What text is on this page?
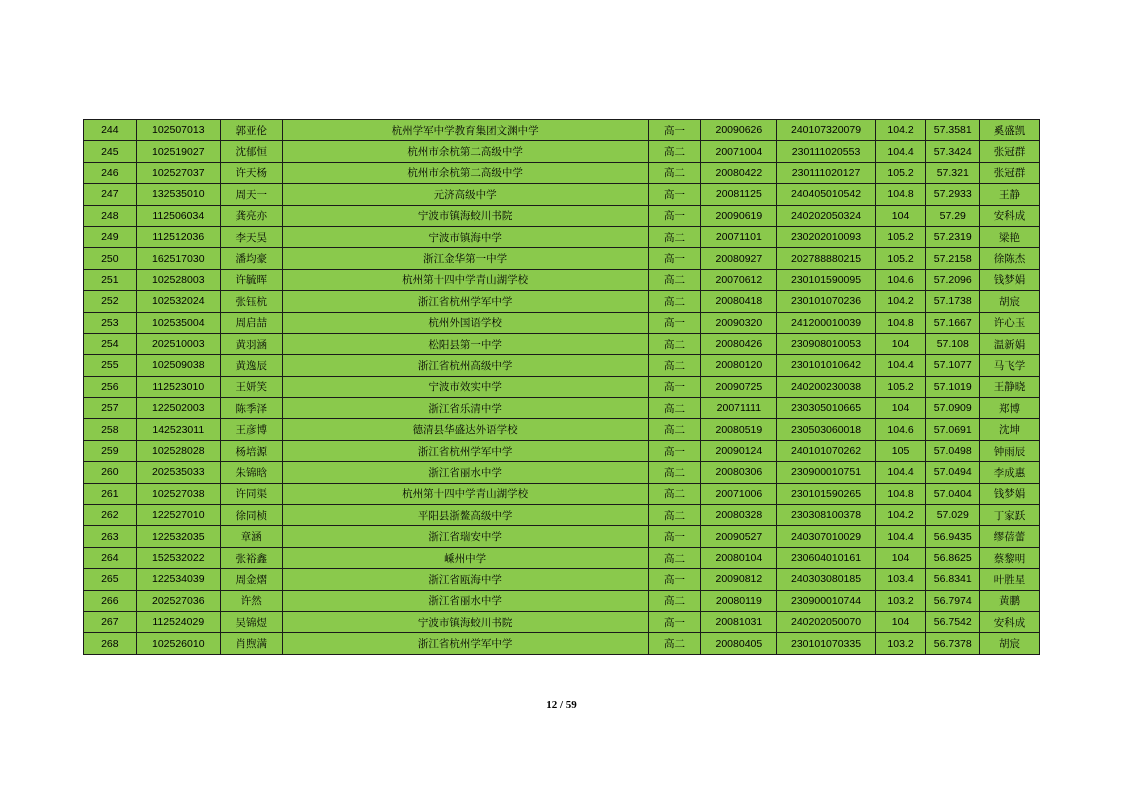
244	102507013	郭亚伦	杭州学军中学教育集团文渊中学	高一	20090626	240107320079	104.2	57.3581	奚盛凯
245	102519027	沈郁恒	杭州市余杭第二高级中学	高二	20071004	230111020553	104.4	57.3424	张冠群
246	102527037	许天杨	杭州市余杭第二高级中学	高二	20080422	230111020127	105.2	57.321	张冠群
247	132535010	周天一	元济高级中学	高一	20081125	240405010542	104.8	57.2933	王静
248	112506034	龚亮亦	宁波市镇海蛟川书院	高一	20090619	240202050324	104	57.29	安科成
249	112512036	李天昊	宁波市镇海中学	高二	20071101	230202010093	105.2	57.2319	梁艳
250	162517030	潘均豪	浙江金华第一中学	高一	20080927	202788880215	105.2	57.2158	徐陈杰
251	102528003	许毓晖	杭州第十四中学青山湖学校	高二	20070612	230101590095	104.6	57.2096	钱梦娟
252	102532024	张钰杭	浙江省杭州学军中学	高二	20080418	230101070236	104.2	57.1738	胡宸
253	102535004	周启喆	杭州外国语学校	高一	20090320	241200010039	104.8	57.1667	许心玉
254	202510003	黄羽涵	松阳县第一中学	高二	20080426	230908010053	104	57.108	温新娟
255	102509038	黄逸辰	浙江省杭州高级中学	高二	20080120	230101010642	104.4	57.1077	马飞学
256	112523010	王妍笑	宁波市效实中学	高一	20090725	240200230038	105.2	57.1019	王静晓
257	122502003	陈季泽	浙江省乐清中学	高二	20071111	230305010665	104	57.0909	郑博
258	142523011	王彦博	德清县华盛达外语学校	高二	20080519	230503060018	104.6	57.0691	沈坤
259	102528028	杨培源	浙江省杭州学军中学	高一	20090124	240101070262	105	57.0498	钟雨辰
260	202535033	朱锦晗	浙江省丽水中学	高二	20080306	230900010751	104.4	57.0494	李成惠
261	102527038	许同渠	杭州第十四中学青山湖学校	高二	20071006	230101590265	104.8	57.0404	钱梦娟
262	122527010	徐同桢	平阳县浙鳌高级中学	高二	20080328	230308100378	104.2	57.029	丁家跃
263	122532035	章涵	浙江省瑞安中学	高一	20090527	240307010029	104.4	56.9435	缪蓓蕾
264	152532022	张裕鑫	嵊州中学	高二	20080104	230604010161	104	56.8625	蔡黎明
265	122534039	周金熠	浙江省瓯海中学	高一	20090812	240303080185	103.4	56.8341	叶胜星
266	202527036	许然	浙江省丽水中学	高二	20080119	230900010744	103.2	56.7974	黄鹏
267	112524029	吴锦煜	宁波市镇海蛟川书院	高一	20081031	240202050070	104	56.7542	安科成
268	102526010	肖煦满	浙江省杭州学军中学	高二	20080405	230101070335	103.2	56.7378	胡宸
12 / 59
